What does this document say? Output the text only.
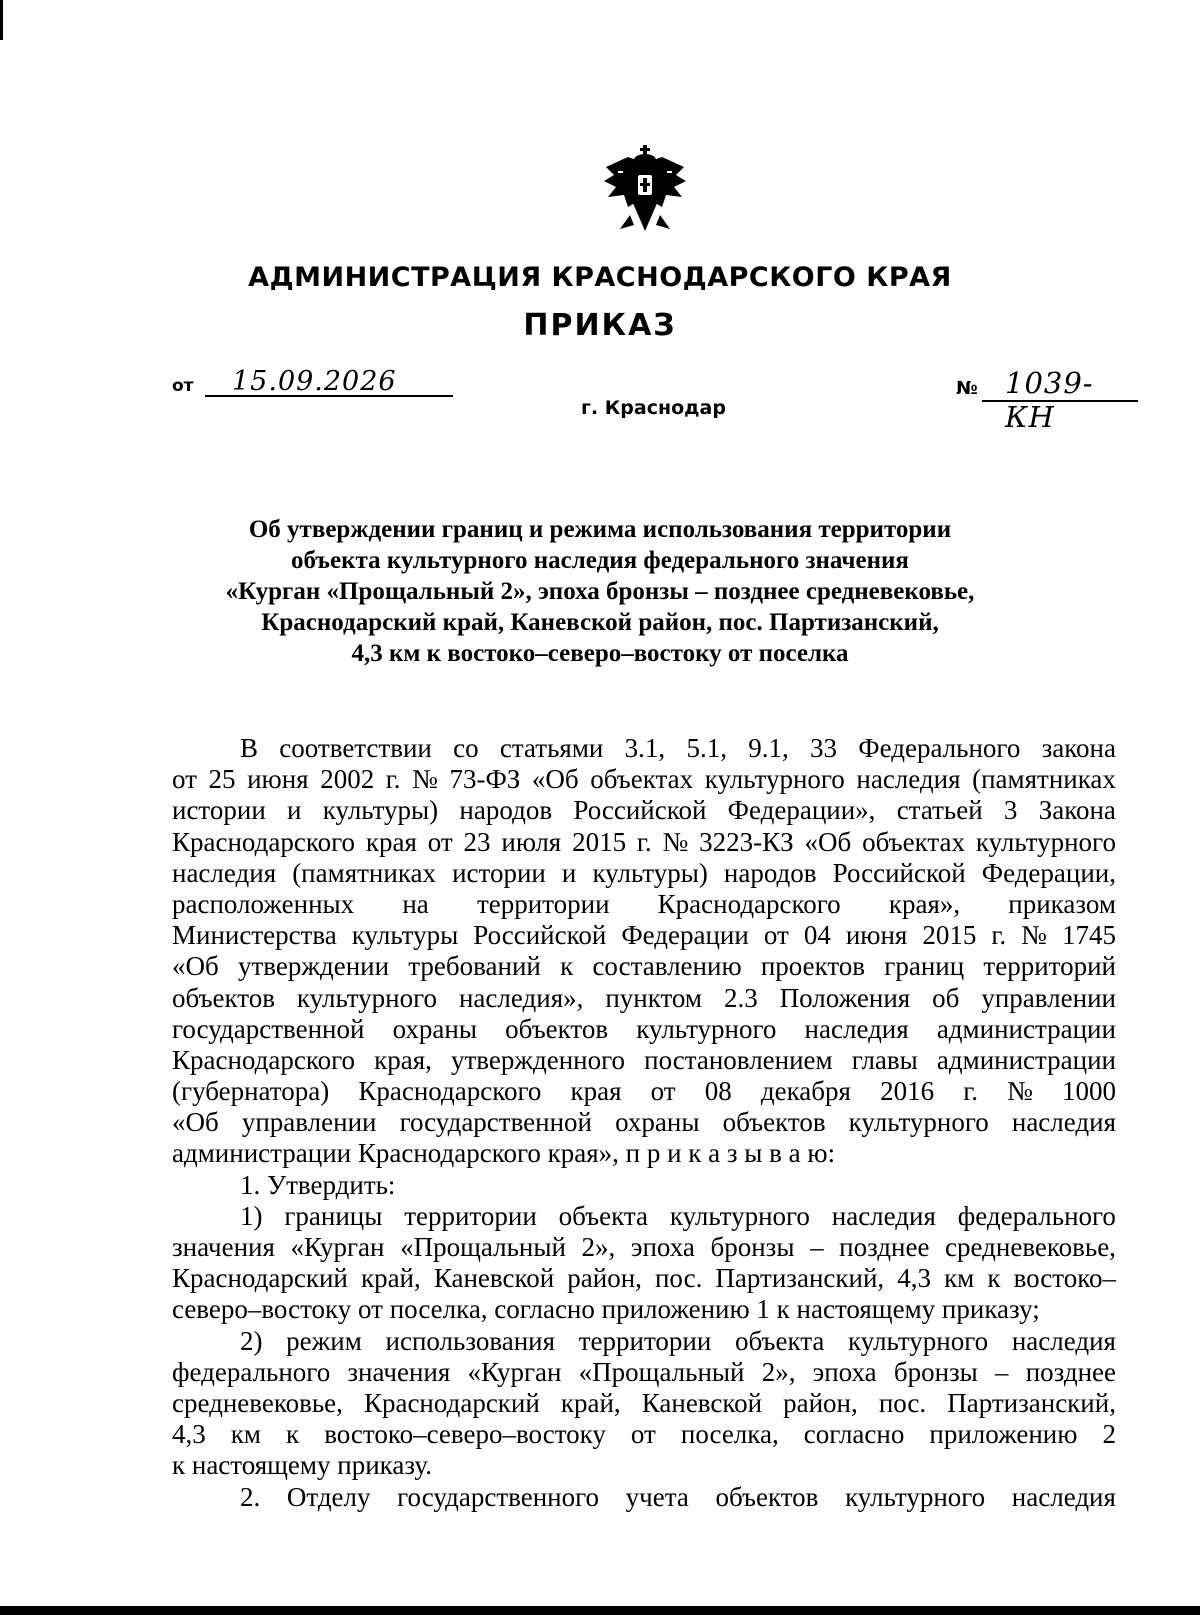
АДМИНИСТРАЦИЯ КРАСНОДАРСКОГО КРАЯ
ПРИКАЗ
от 15.09.2026	№ 1039-КН
г. Краснодар
Об утверждении границ и режима использования территории
объекта культурного наследия федерального значения
«Курган «Прощальный 2», эпоха бронзы – позднее средневековье,
Краснодарский край, Каневской район, пос. Партизанский,
4,3 км к востоко–северо–востоку от поселка
В соответствии со статьями 3.1, 5.1, 9.1, 33 Федерального закона
от 25 июня 2002 г. № 73-ФЗ «Об объектах культурного наследия (памятниках
истории и культуры) народов Российской Федерации», статьей 3 Закона
Краснодарского края от 23 июля 2015 г. № 3223-КЗ «Об объектах культурного
наследия (памятниках истории и культуры) народов Российской Федерации,
расположенных на территории Краснодарского края», приказом
Министерства культуры Российской Федерации от 04 июня 2015 г. № 1745
«Об утверждении требований к составлению проектов границ территорий
объектов культурного наследия», пунктом 2.3 Положения об управлении
государственной охраны объектов культурного наследия администрации
Краснодарского края, утвержденного постановлением главы администрации
(губернатора) Краснодарского края от 08 декабря 2016 г. № 1000
«Об управлении государственной охраны объектов культурного наследия
администрации Краснодарского края», п р и к а з ы в а ю:
1. Утвердить:
1) границы территории объекта культурного наследия федерального
значения «Курган «Прощальный 2», эпоха бронзы – позднее средневековье,
Краснодарский край, Каневской район, пос. Партизанский, 4,3 км к востоко–
северо–востоку от поселка, согласно приложению 1 к настоящему приказу;
2) режим использования территории объекта культурного наследия
федерального значения «Курган «Прощальный 2», эпоха бронзы – позднее
средневековье, Краснодарский край, Каневской район, пос. Партизанский,
4,3 км к востоко–северо–востоку от поселка, согласно приложению 2
к настоящему приказу.
2. Отделу государственного учета объектов культурного наследия
